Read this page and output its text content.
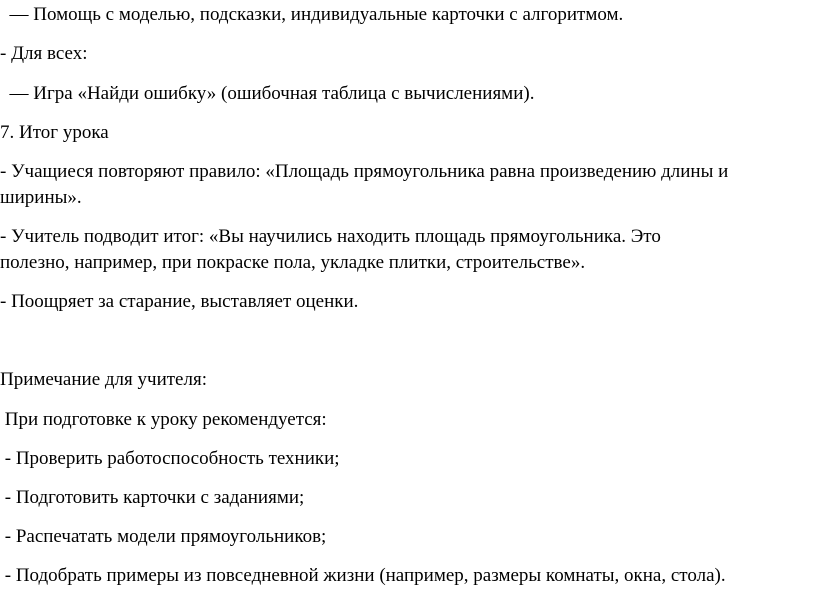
— Помощь с моделью, подсказки, индивидуальные карточки с алгоритмом.
- Для всех:
— Игра «Найди ошибку» (ошибочная таблица с вычислениями).
7. Итог урока
- Учащиеся повторяют правило: «Площадь прямоугольника равна произведению длины и
ширины».
- Учитель подводит итог: «Вы научились находить площадь прямоугольника. Это
полезно, например, при покраске пола, укладке плитки, строительстве».
- Поощряет за старание, выставляет оценки.
Примечание для учителя:
При подготовке к уроку рекомендуется:
- Проверить работоспособность техники;
- Подготовить карточки с заданиями;
- Распечатать модели прямоугольников;
- Подобрать примеры из повседневной жизни (например, размеры комнаты, окна, стола).
